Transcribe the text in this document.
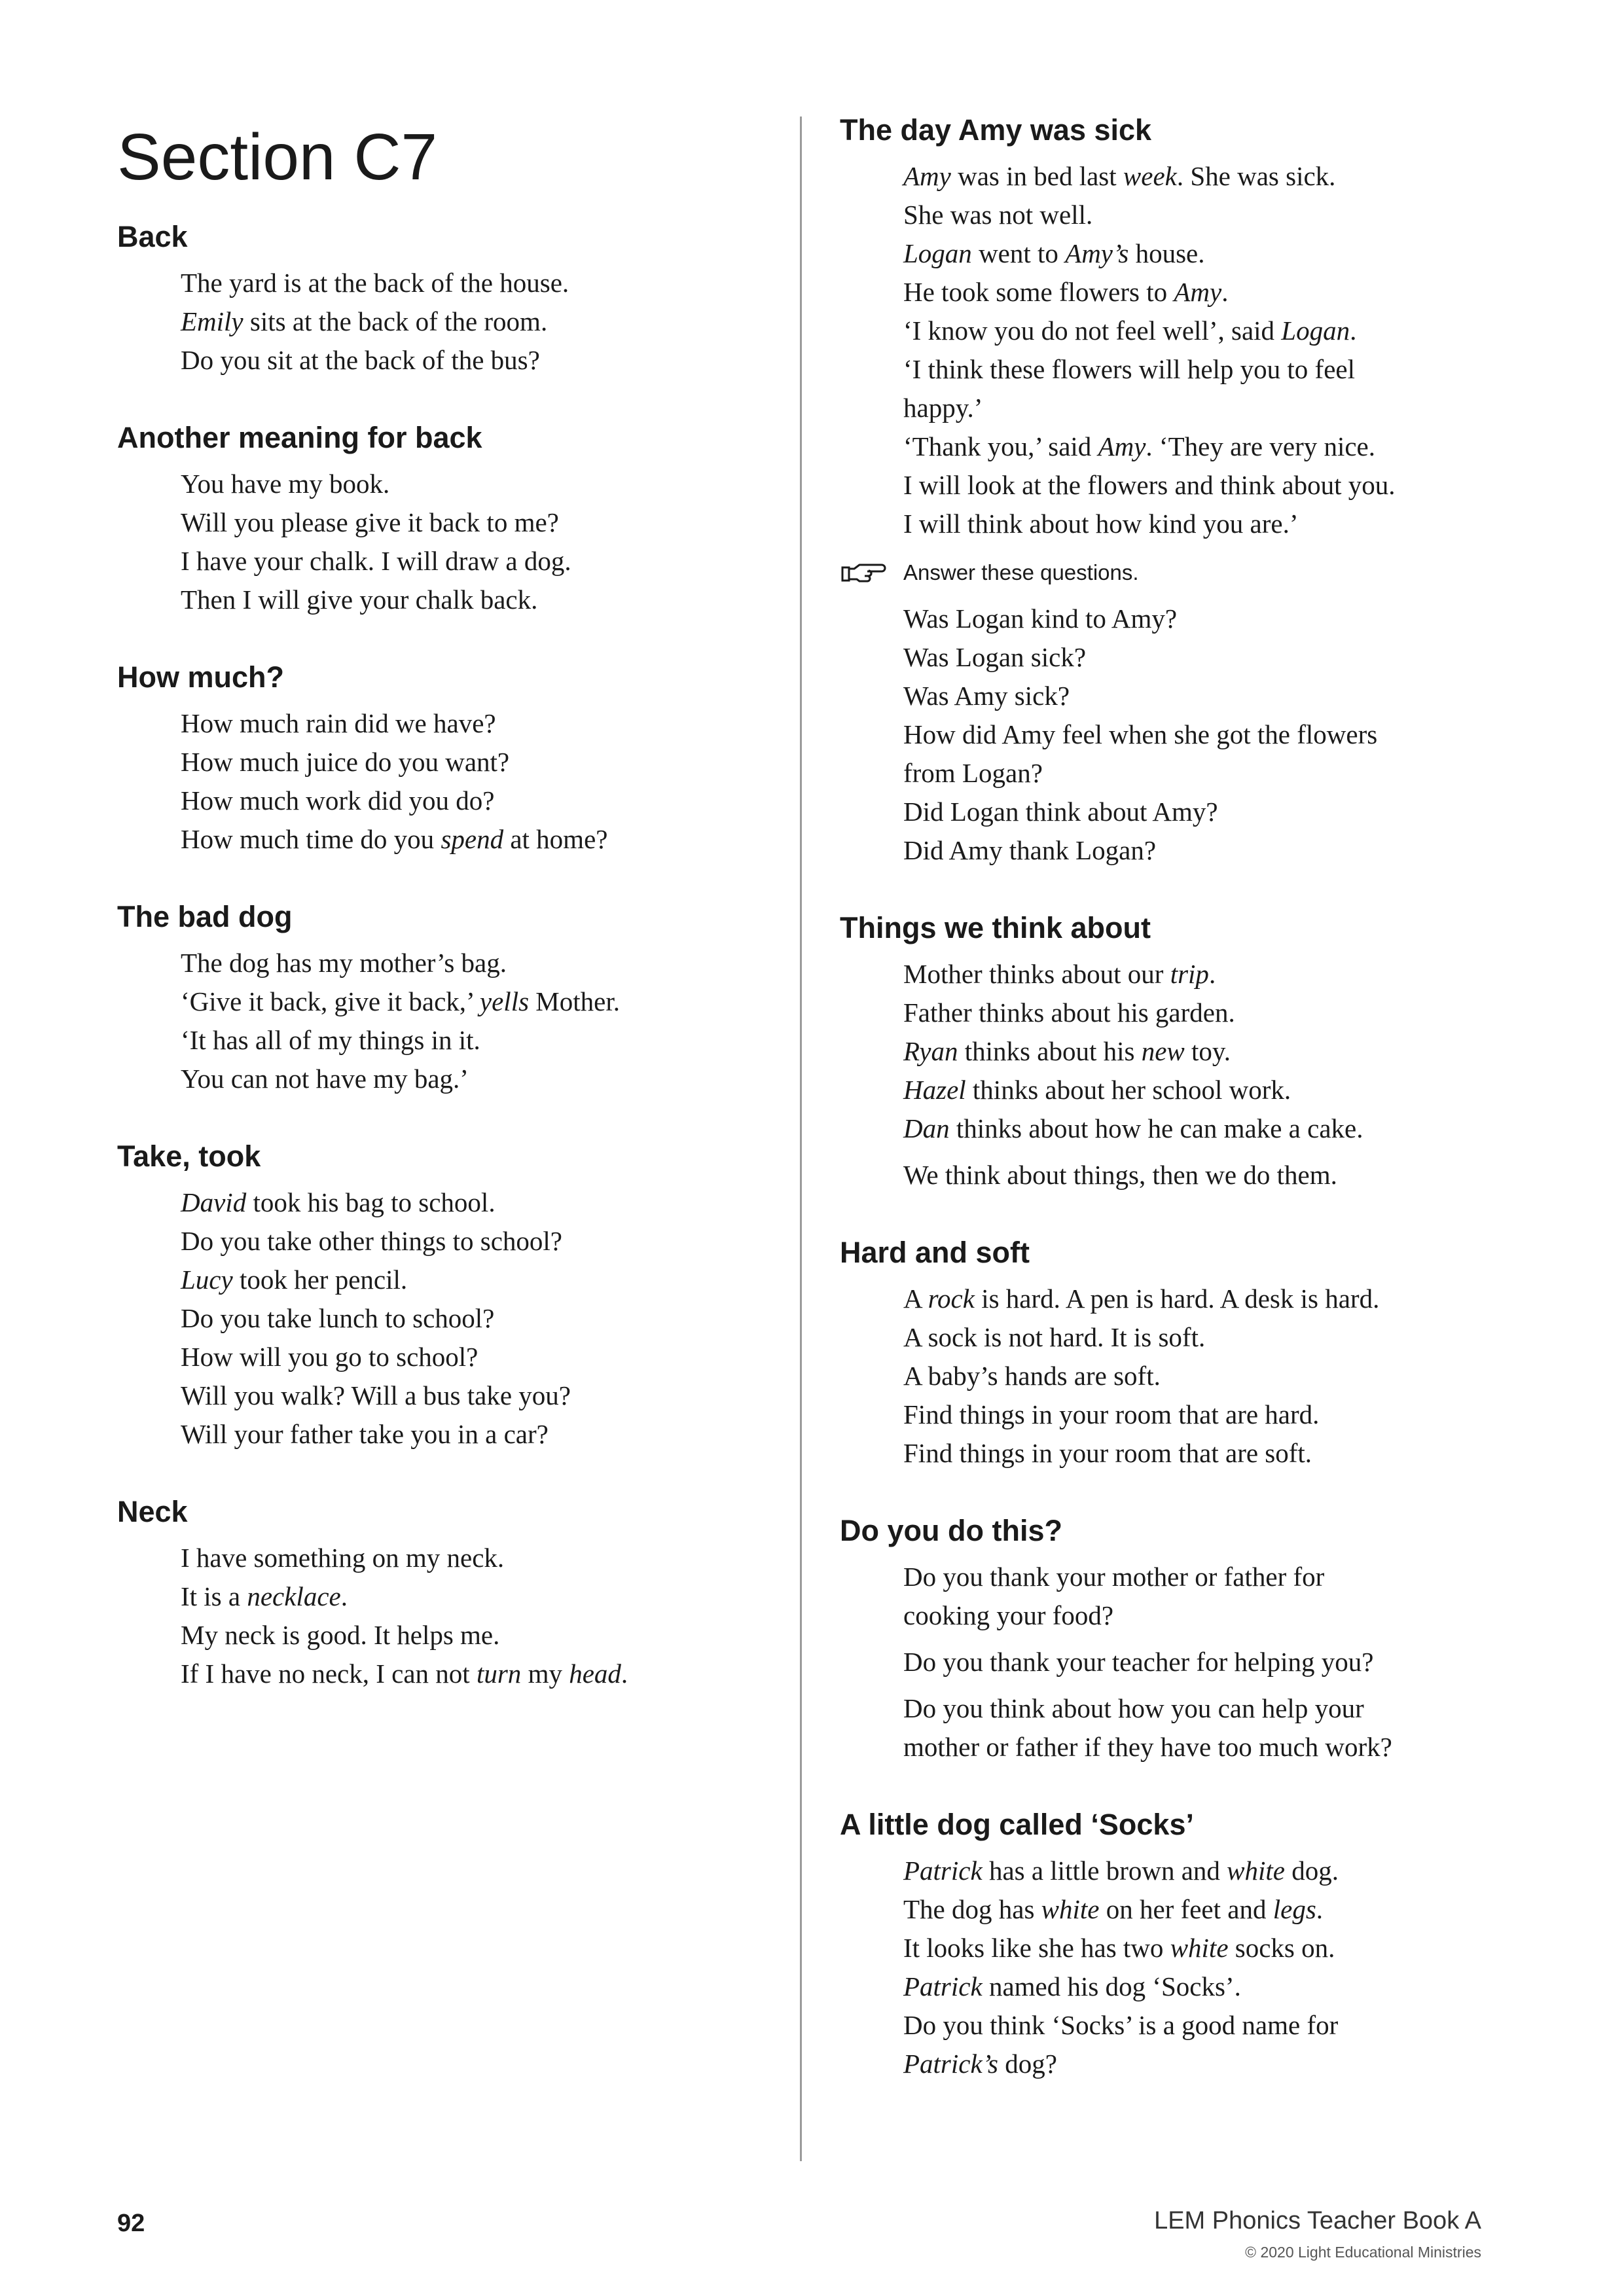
Section C7
Back
The yard is at the back of the house.
Emily sits at the back of the room.
Do you sit at the back of the bus?
Another meaning for back
You have my book.
Will you please give it back to me?
I have your chalk. I will draw a dog.
Then I will give your chalk back.
How much?
How much rain did we have?
How much juice do you want?
How much work did you do?
How much time do you spend at home?
The bad dog
The dog has my mother’s bag.
‘Give it back, give it back,’ yells Mother.
‘It has all of my things in it.
You can not have my bag.’
Take, took
David took his bag to school.
Do you take other things to school?
Lucy took her pencil.
Do you take lunch to school?
How will you go to school?
Will you walk? Will a bus take you?
Will your father take you in a car?
Neck
I have something on my neck.
It is a necklace.
My neck is good. It helps me.
If I have no neck, I can not turn my head.
The day Amy was sick
Amy was in bed last week. She was sick.
She was not well.
Logan went to Amy’s house.
He took some flowers to Amy.
‘I know you do not feel well’, said Logan.
‘I think these flowers will help you to feel
happy.’
‘Thank you,’ said Amy. ‘They are very nice.
I will look at the flowers and think about you.
I will think about how kind you are.’
Answer these questions.
Was Logan kind to Amy?
Was Logan sick?
Was Amy sick?
How did Amy feel when she got the flowers
from Logan?
Did Logan think about Amy?
Did Amy thank Logan?
Things we think about
Mother thinks about our trip.
Father thinks about his garden.
Ryan thinks about his new toy.
Hazel thinks about her school work.
Dan thinks about how he can make a cake.
We think about things, then we do them.
Hard and soft
A rock is hard. A pen is hard. A desk is hard.
A sock is not hard. It is soft.
A baby’s hands are soft.
Find things in your room that are hard.
Find things in your room that are soft.
Do you do this?
Do you thank your mother or father for
cooking your food?
Do you thank your teacher for helping you?
Do you think about how you can help your
mother or father if they have too much work?
A little dog called ‘Socks’
Patrick has a little brown and white dog.
The dog has white on her feet and legs.
It looks like she has two white socks on.
Patrick named his dog ‘Socks’.
Do you think ‘Socks’ is a good name for
Patrick’s dog?
92	LEM Phonics Teacher Book A
© 2020 Light Educational Ministries
